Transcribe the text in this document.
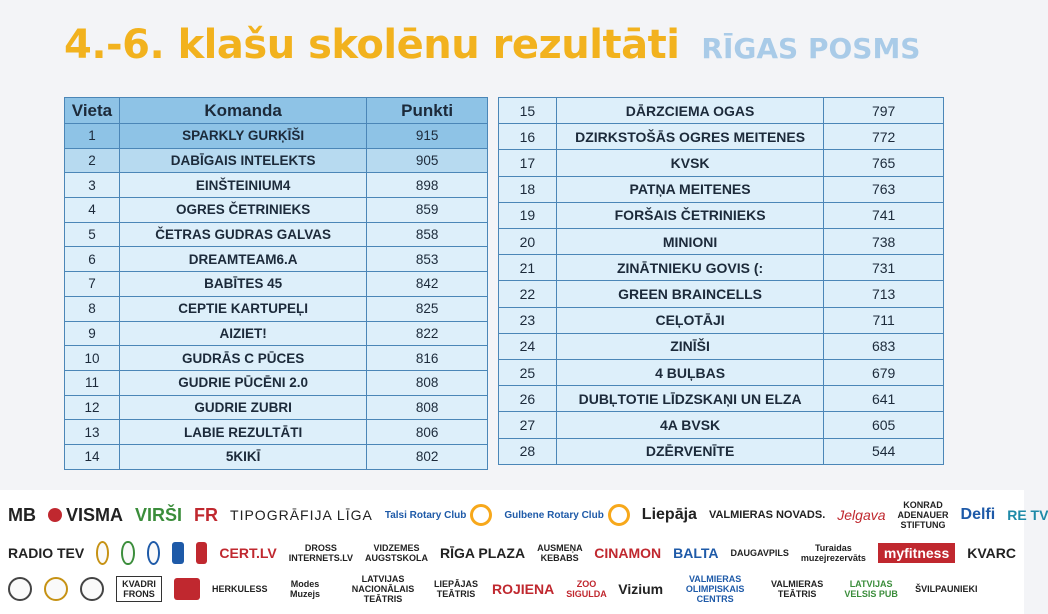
4.-6. klašu skolēnu rezultāti RĪGAS POSMS
Vieta	Komanda	Punkti
1	SPARKLY GURĶĪŠI	915
2	DABĪGAIS INTELEKTS	905
3	EINŠTEINIUM4	898
4	OGRES ČETRINIEKS	859
5	ČETRAS GUDRAS GALVAS	858
6	DREAMTEAM6.A	853
7	BABĪTES 45	842
8	CEPTIE KARTUPEĻI	825
9	AIZIET!	822
10	GUDRĀS C PŪCES	816
11	GUDRIE PŪCĒNI 2.0	808
12	GUDRIE ZUBRI	808
13	LABIE REZULTĀTI	806
14	5KIKĪ	802
15	DĀRZCIEMA OGAS	797
16	DZIRKSTOŠĀS OGRES MEITENES	772
17	KVSK	765
18	PATŅA MEITENES	763
19	FORŠAIS ČETRINIEKS	741
20	MINIONI	738
21	ZINĀTNIEKU GOVIS (:	731
22	GREEN BRAINCELLS	713
23	CEĻOTĀJI	711
24	ZINĪŠI	683
25	4 BUĻBAS	679
26	DUBĻTOTIE LĪDZSKAŅI UN ELZA	641
27	4A BVSK	605
28	DZĒRVENĪTE	544
MB VISMA VIRŠI FR TIPOGRĀFIJA LĪGA Talsi Rotary Club	Gulbene Rotary Club Liepāja VALMIERAS NOVADS. Jelgava
KONRAD ADENAUER STIFTUNG
Delfi RE TV
RADIO TEV	CERT.LV	DROSS INTERNETS.LV
VIDZEMES AUGSTSKOLA RĪGA PLAZA AUSMEŅA KEBABS CINAMON BALTA DAUGAVPILS	Turaidas muzejrezervāts	myfitness	KVARC
KVADRI FRONS	HERKULESS	Modes Muzejs
LATVIJAS NACIONĀLAIS TEĀTRIS
LIEPĀJAS TEĀTRIS	ROJIENA	ZOO SIGULDA Vizium
VALMIERAS OLIMPISKAIS CENTRS
VALMIERAS TEĀTRIS
LATVIJAS VELSIS PUB	ŠVILPAUNIEKI
